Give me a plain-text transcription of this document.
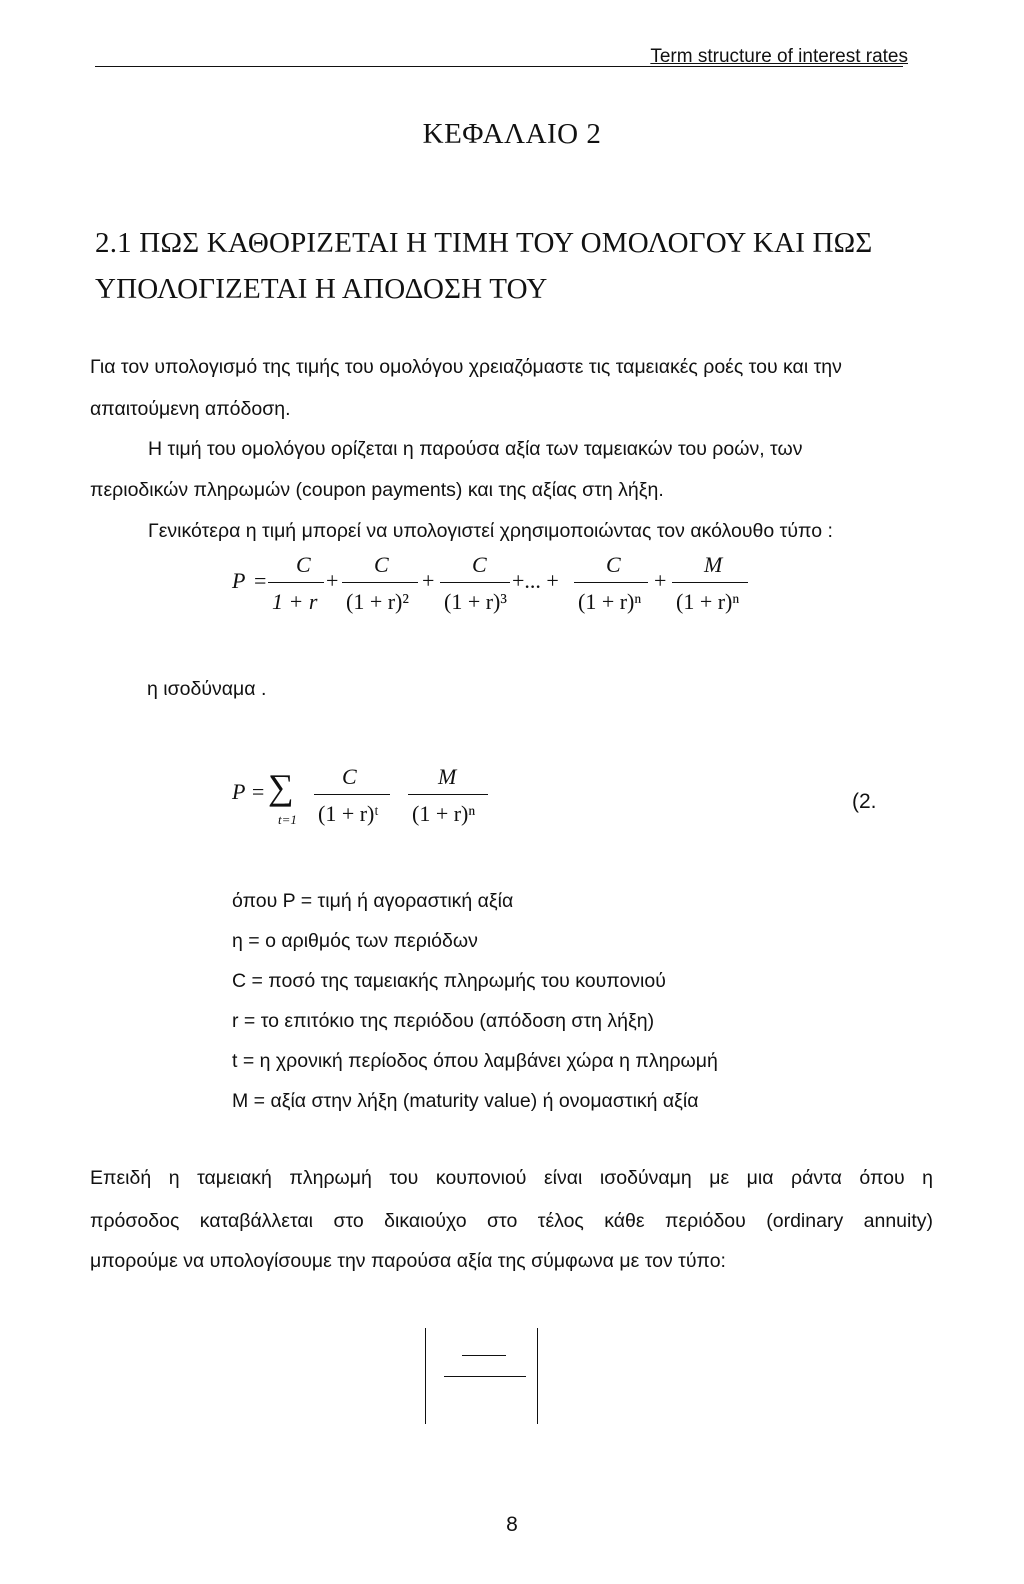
Term structure of interest rates
ΚΕΦΑΛΑΙΟ 2
2.1 ΠΩΣ ΚΑΘΟΡΙΖΕΤΑΙ Η ΤΙΜΗ ΤΟΥ ΟΜΟΛΟΓΟΥ ΚΑΙ ΠΩΣ
ΥΠΟΛΟΓΙΖΕΤΑΙ Η ΑΠΟΔΟΣΗ ΤΟΥ
Για τον υπολογισμό της τιμής του ομολόγου χρειαζόμαστε τις ταμειακές ροές του και την
απαιτούμενη απόδοση.
Η τιμή του ομολόγου ορίζεται η παρούσα αξία των ταμειακών του ροών, των
περιοδικών πληρωμών (coupon payments) και της αξίας στη λήξη.
Γενικότερα η τιμή μπορεί να υπολογιστεί χρησιμοποιώντας τον ακόλουθο τύπο :
P =
C
1 + r
+
C
(1 + r)²
+
C
(1 + r)³
+... +
C
(1 + r)ⁿ
+
M
(1 + r)ⁿ
η ισοδύναμα .
P = ∑
t=1
C
(1 + r)ᵗ
M
(1 + r)ⁿ	(2.
όπου P = τιμή ή αγοραστική αξία
η = ο αριθμός των περιόδων
C = ποσό της ταμειακής πληρωμής του κουπονιού
r = το επιτόκιο της περιόδου (απόδοση στη λήξη)
t = η χρονική περίοδος όπου λαμβάνει χώρα η πληρωμή
M = αξία στην λήξη (maturity value) ή ονομαστική αξία
Επειδή η ταμειακή πληρωμή του κουπονιού είναι ισοδύναμη με μια ράντα όπου η
πρόσοδος καταβάλλεται στο δικαιούχο στο τέλος κάθε περιόδου (ordinary annuity)
μπορούμε να υπολογίσουμε την παρούσα αξία της σύμφωνα με τον τύπο:
8
